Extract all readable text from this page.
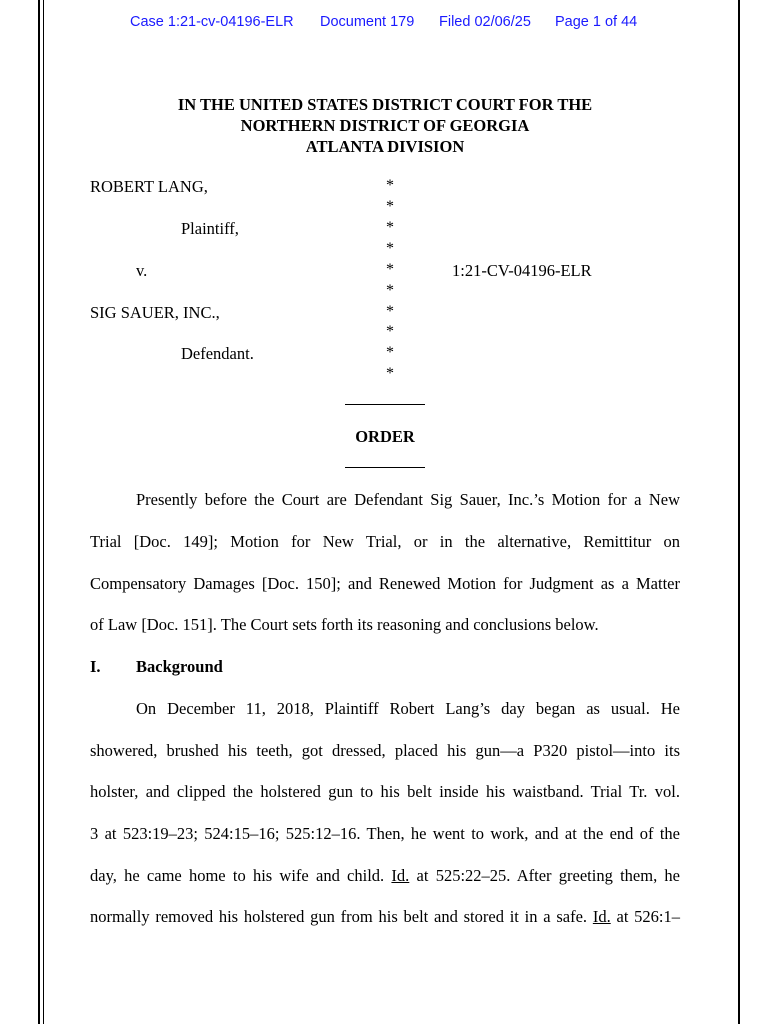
Case 1:21-cv-04196-ELR Document 179 Filed 02/06/25 Page 1 of 44
IN THE UNITED STATES DISTRICT COURT FOR THE
NORTHERN DISTRICT OF GEORGIA
ATLANTA DIVISION
ROBERT LANG,
Plaintiff,
v.	1:21-CV-04196-ELR
SIG SAUER, INC.,
Defendant.
*
*
*
*
*
*
*
*
*
*
ORDER
Presently before the Court are Defendant Sig Sauer, Inc.’s Motion for a New
Trial [Doc. 149]; Motion for New Trial, or in the alternative, Remittitur on
Compensatory Damages [Doc. 150]; and Renewed Motion for Judgment as a Matter
of Law [Doc. 151]. The Court sets forth its reasoning and conclusions below.
I. Background
On December 11, 2018, Plaintiff Robert Lang’s day began as usual. He
showered, brushed his teeth, got dressed, placed his gun—a P320 pistol—into its
holster, and clipped the holstered gun to his belt inside his waistband. Trial Tr. vol.
3 at 523:19–23; 524:15–16; 525:12–16. Then, he went to work, and at the end of the
day, he came home to his wife and child. Id. at 525:22–25. After greeting them, he
normally removed his holstered gun from his belt and stored it in a safe. Id. at 526:1–
